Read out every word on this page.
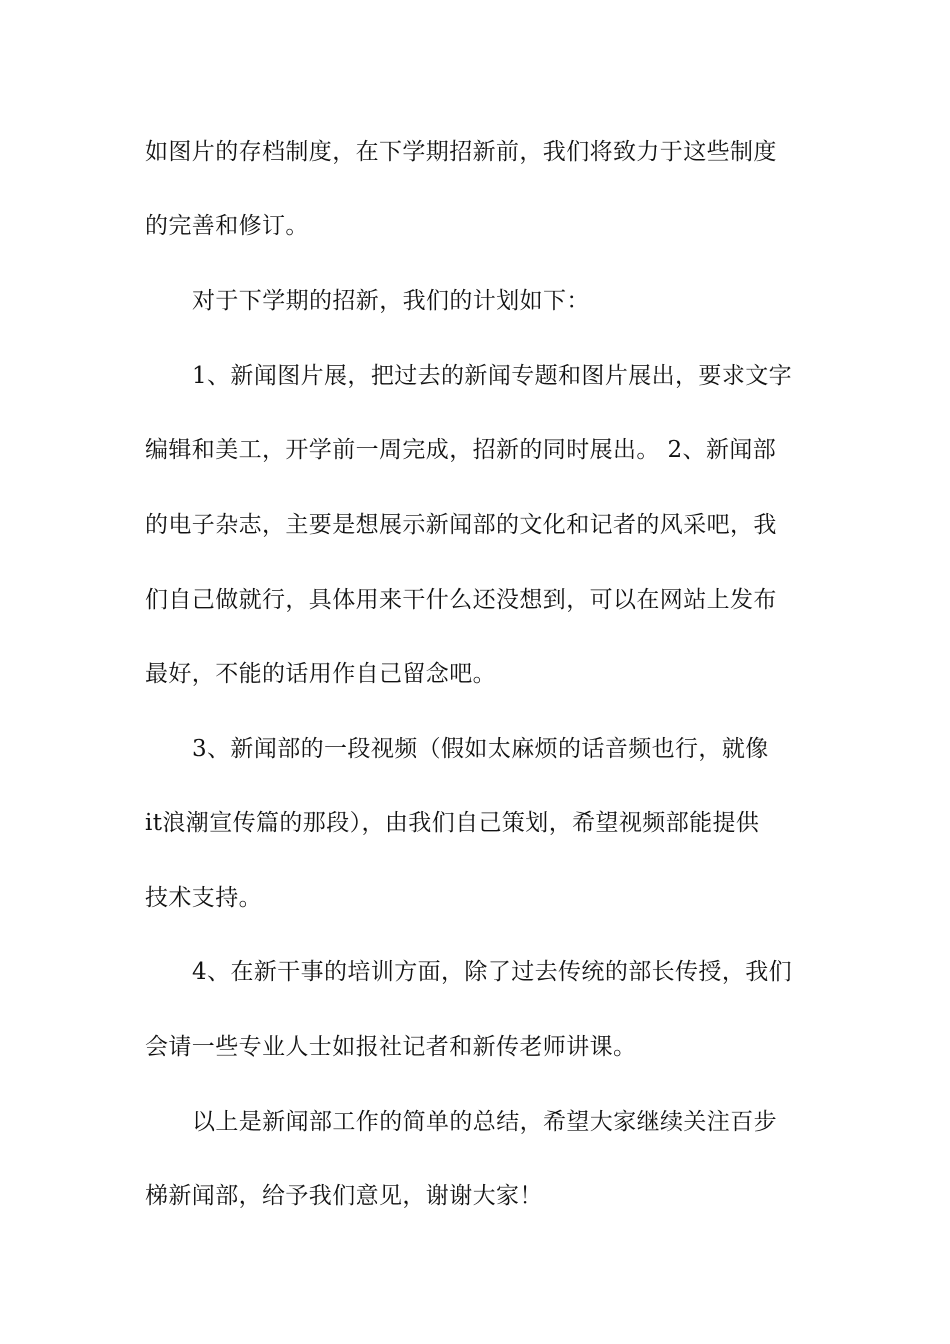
如图片的存档制度，在下学期招新前，我们将致力于这些制度
的完善和修订。
对于下学期的招新，我们的计划如下：
1、新闻图片展，把过去的新闻专题和图片展出，要求文字
编辑和美工，开学前一周完成，招新的同时展出。 2、新闻部
的电子杂志，主要是想展示新闻部的文化和记者的风采吧，我
们自己做就行，具体用来干什么还没想到，可以在网站上发布
最好，不能的话用作自己留念吧。
3、新闻部的一段视频（假如太麻烦的话音频也行，就像
it浪潮宣传篇的那段），由我们自己策划，希望视频部能提供
技术支持。
4、在新干事的培训方面，除了过去传统的部长传授，我们
会请一些专业人士如报社记者和新传老师讲课。
以上是新闻部工作的简单的总结，希望大家继续关注百步
梯新闻部，给予我们意见，谢谢大家！
